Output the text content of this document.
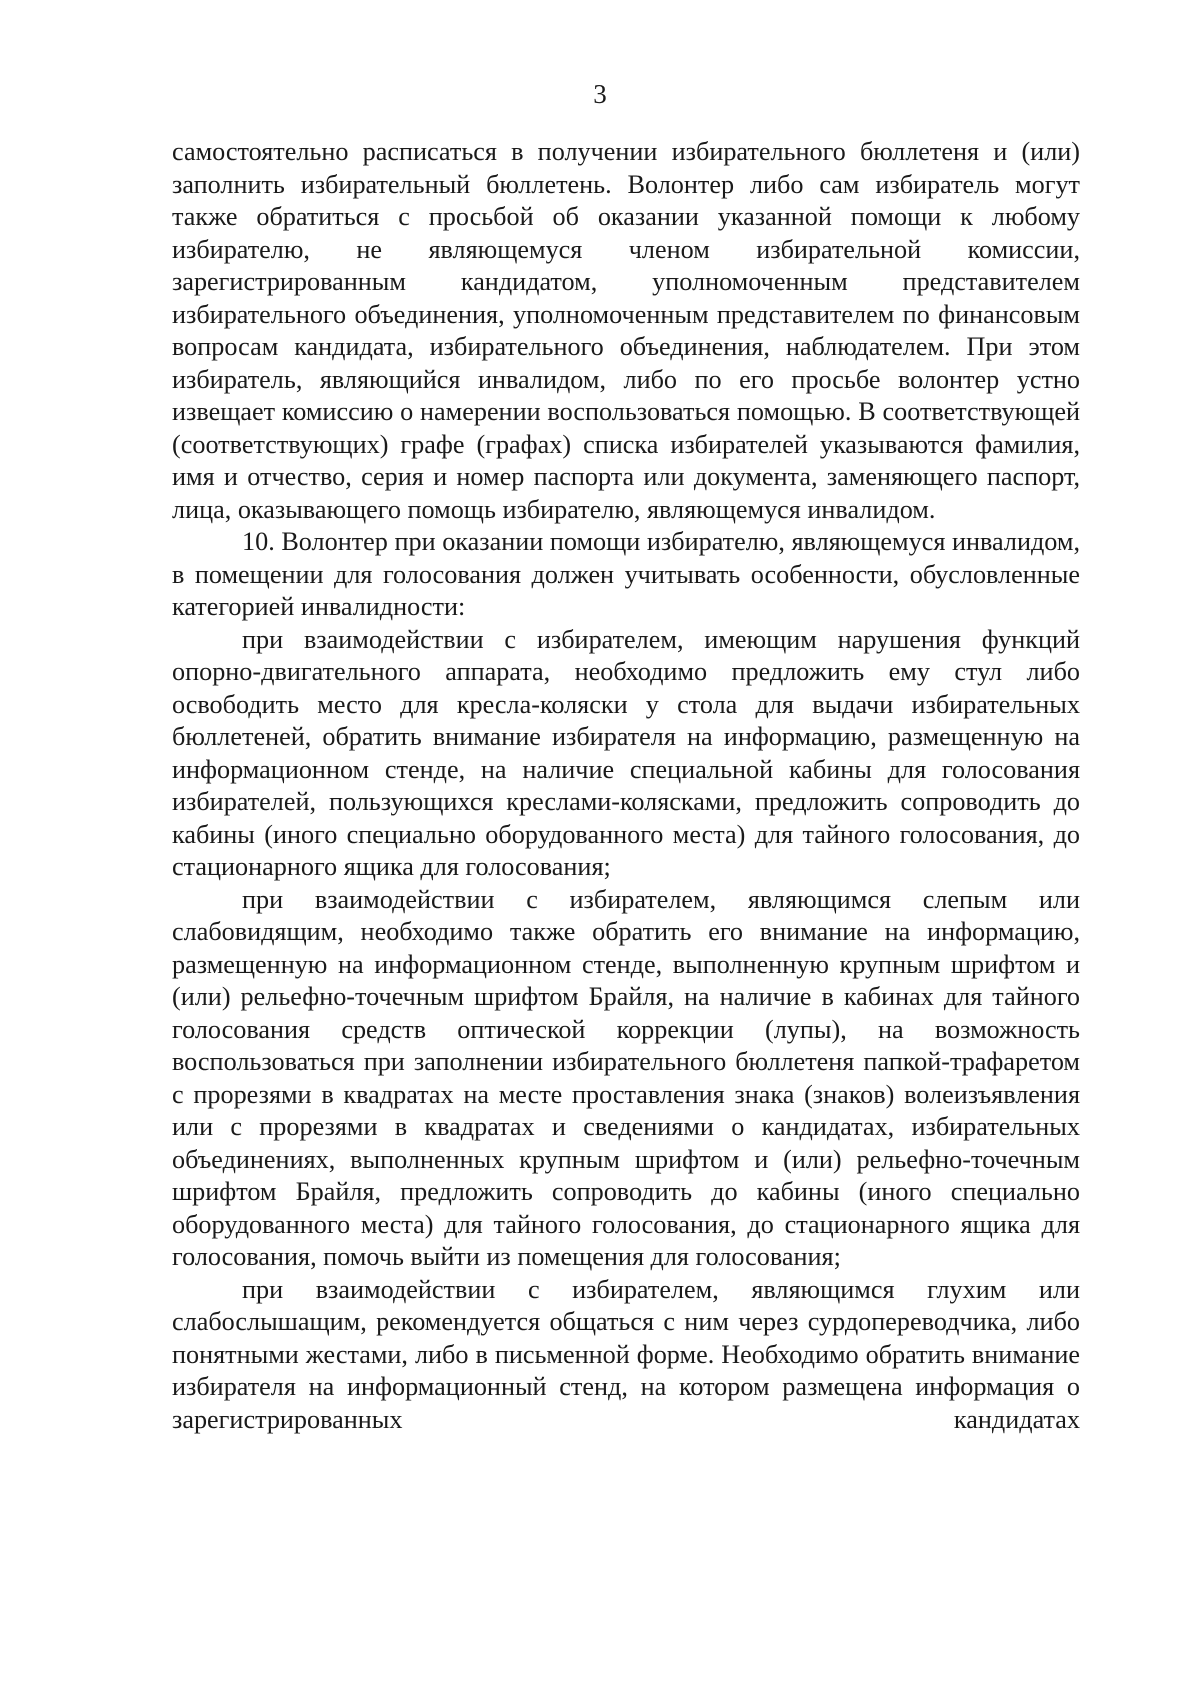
3

самостоятельно расписаться в получении избирательного бюллетеня и (или) заполнить избирательный бюллетень. Волонтер либо сам избиратель могут также обратиться с просьбой об оказании указанной помощи к любому избирателю, не являющемуся членом избирательной комиссии, зарегистрированным кандидатом, уполномоченным представителем избирательного объединения, уполномоченным представителем по финансовым вопросам кандидата, избирательного объединения, наблюдателем. При этом избиратель, являющийся инвалидом, либо по его просьбе волонтер устно извещает комиссию о намерении воспользоваться помощью. В соответствующей (соответствующих) графе (графах) списка избирателей указываются фамилия, имя и отчество, серия и номер паспорта или документа, заменяющего паспорт, лица, оказывающего помощь избирателю, являющемуся инвалидом.

10. Волонтер при оказании помощи избирателю, являющемуся инвалидом, в помещении для голосования должен учитывать особенности, обусловленные категорией инвалидности:

при взаимодействии с избирателем, имеющим нарушения функций опорно-двигательного аппарата, необходимо предложить ему стул либо освободить место для кресла-коляски у стола для выдачи избирательных бюллетеней, обратить внимание избирателя на информацию, размещенную на информационном стенде, на наличие специальной кабины для голосования избирателей, пользующихся креслами-колясками, предложить сопроводить до кабины (иного специально оборудованного места) для тайного голосования, до стационарного ящика для голосования;

при взаимодействии с избирателем, являющимся слепым или слабовидящим, необходимо также обратить его внимание на информацию, размещенную на информационном стенде, выполненную крупным шрифтом и (или) рельефно-точечным шрифтом Брайля, на наличие в кабинах для тайного голосования средств оптической коррекции (лупы), на возможность воспользоваться при заполнении избирательного бюллетеня папкой-трафаретом с прорезями в квадратах на месте проставления знака (знаков) волеизъявления или с прорезями в квадратах и сведениями о кандидатах, избирательных объединениях, выполненных крупным шрифтом и (или) рельефно-точечным шрифтом Брайля, предложить сопроводить до кабины (иного специально оборудованного места) для тайного голосования, до стационарного ящика для голосования, помочь выйти из помещения для голосования;

при взаимодействии с избирателем, являющимся глухим или слабослышащим, рекомендуется общаться с ним через сурдопереводчика, либо понятными жестами, либо в письменной форме. Необходимо обратить внимание избирателя на информационный стенд, на котором размещена информация о зарегистрированных кандидатах
